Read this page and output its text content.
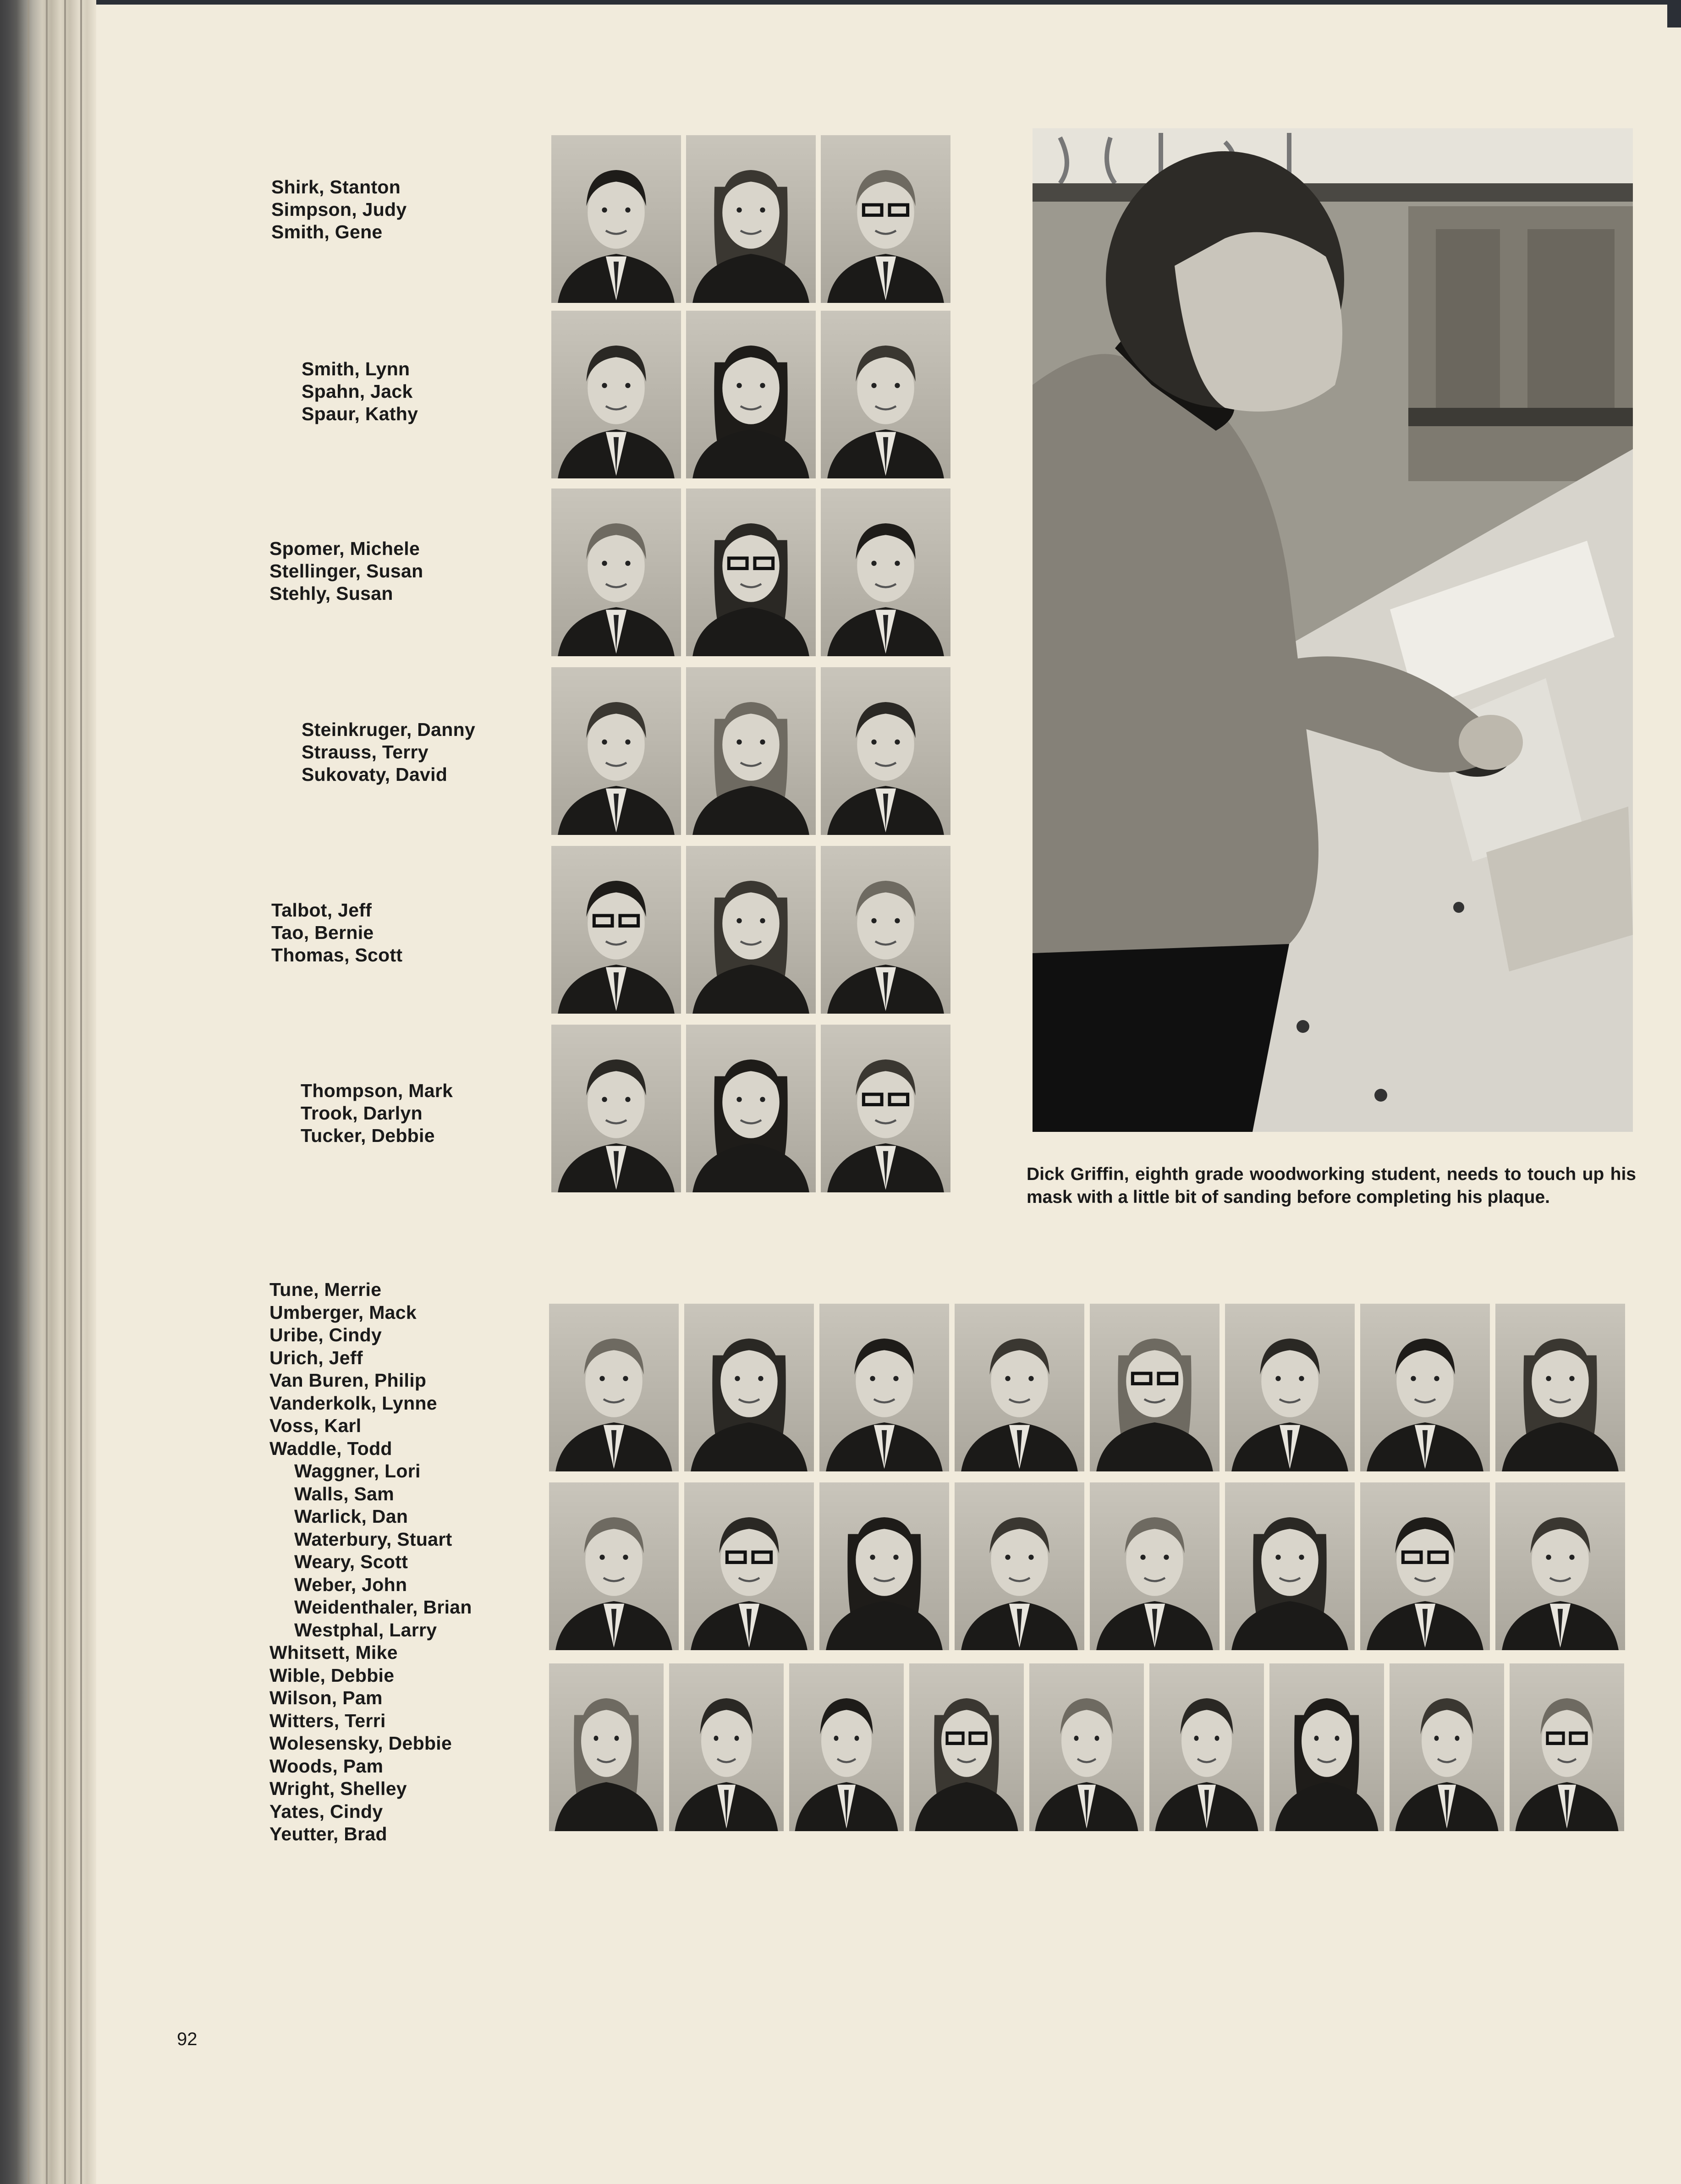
Shirk, Stanton
Simpson, Judy
Smith, Gene
Smith, Lynn
Spahn, Jack
Spaur, Kathy
Spomer, Michele
Stellinger, Susan
Stehly, Susan
Steinkruger, Danny
Strauss, Terry
Sukovaty, David
Talbot, Jeff
Tao, Bernie
Thomas, Scott
Thompson, Mark
Trook, Darlyn
Tucker, Debbie
Dick Griffin, eighth grade woodworking student, needs to touch up his mask with a little bit of sanding before completing his plaque.
Tune, Merrie
Umberger, Mack
Uribe, Cindy
Urich, Jeff
Van Buren, Philip
Vanderkolk, Lynne
Voss, Karl
Waddle, Todd
Waggner, Lori
Walls, Sam
Warlick, Dan
Waterbury, Stuart
Weary, Scott
Weber, John
Weidenthaler, Brian
Westphal, Larry
Whitsett, Mike
Wible, Debbie
Wilson, Pam
Witters, Terri
Wolesensky, Debbie
Woods, Pam
Wright, Shelley
Yates, Cindy
Yeutter, Brad
92
